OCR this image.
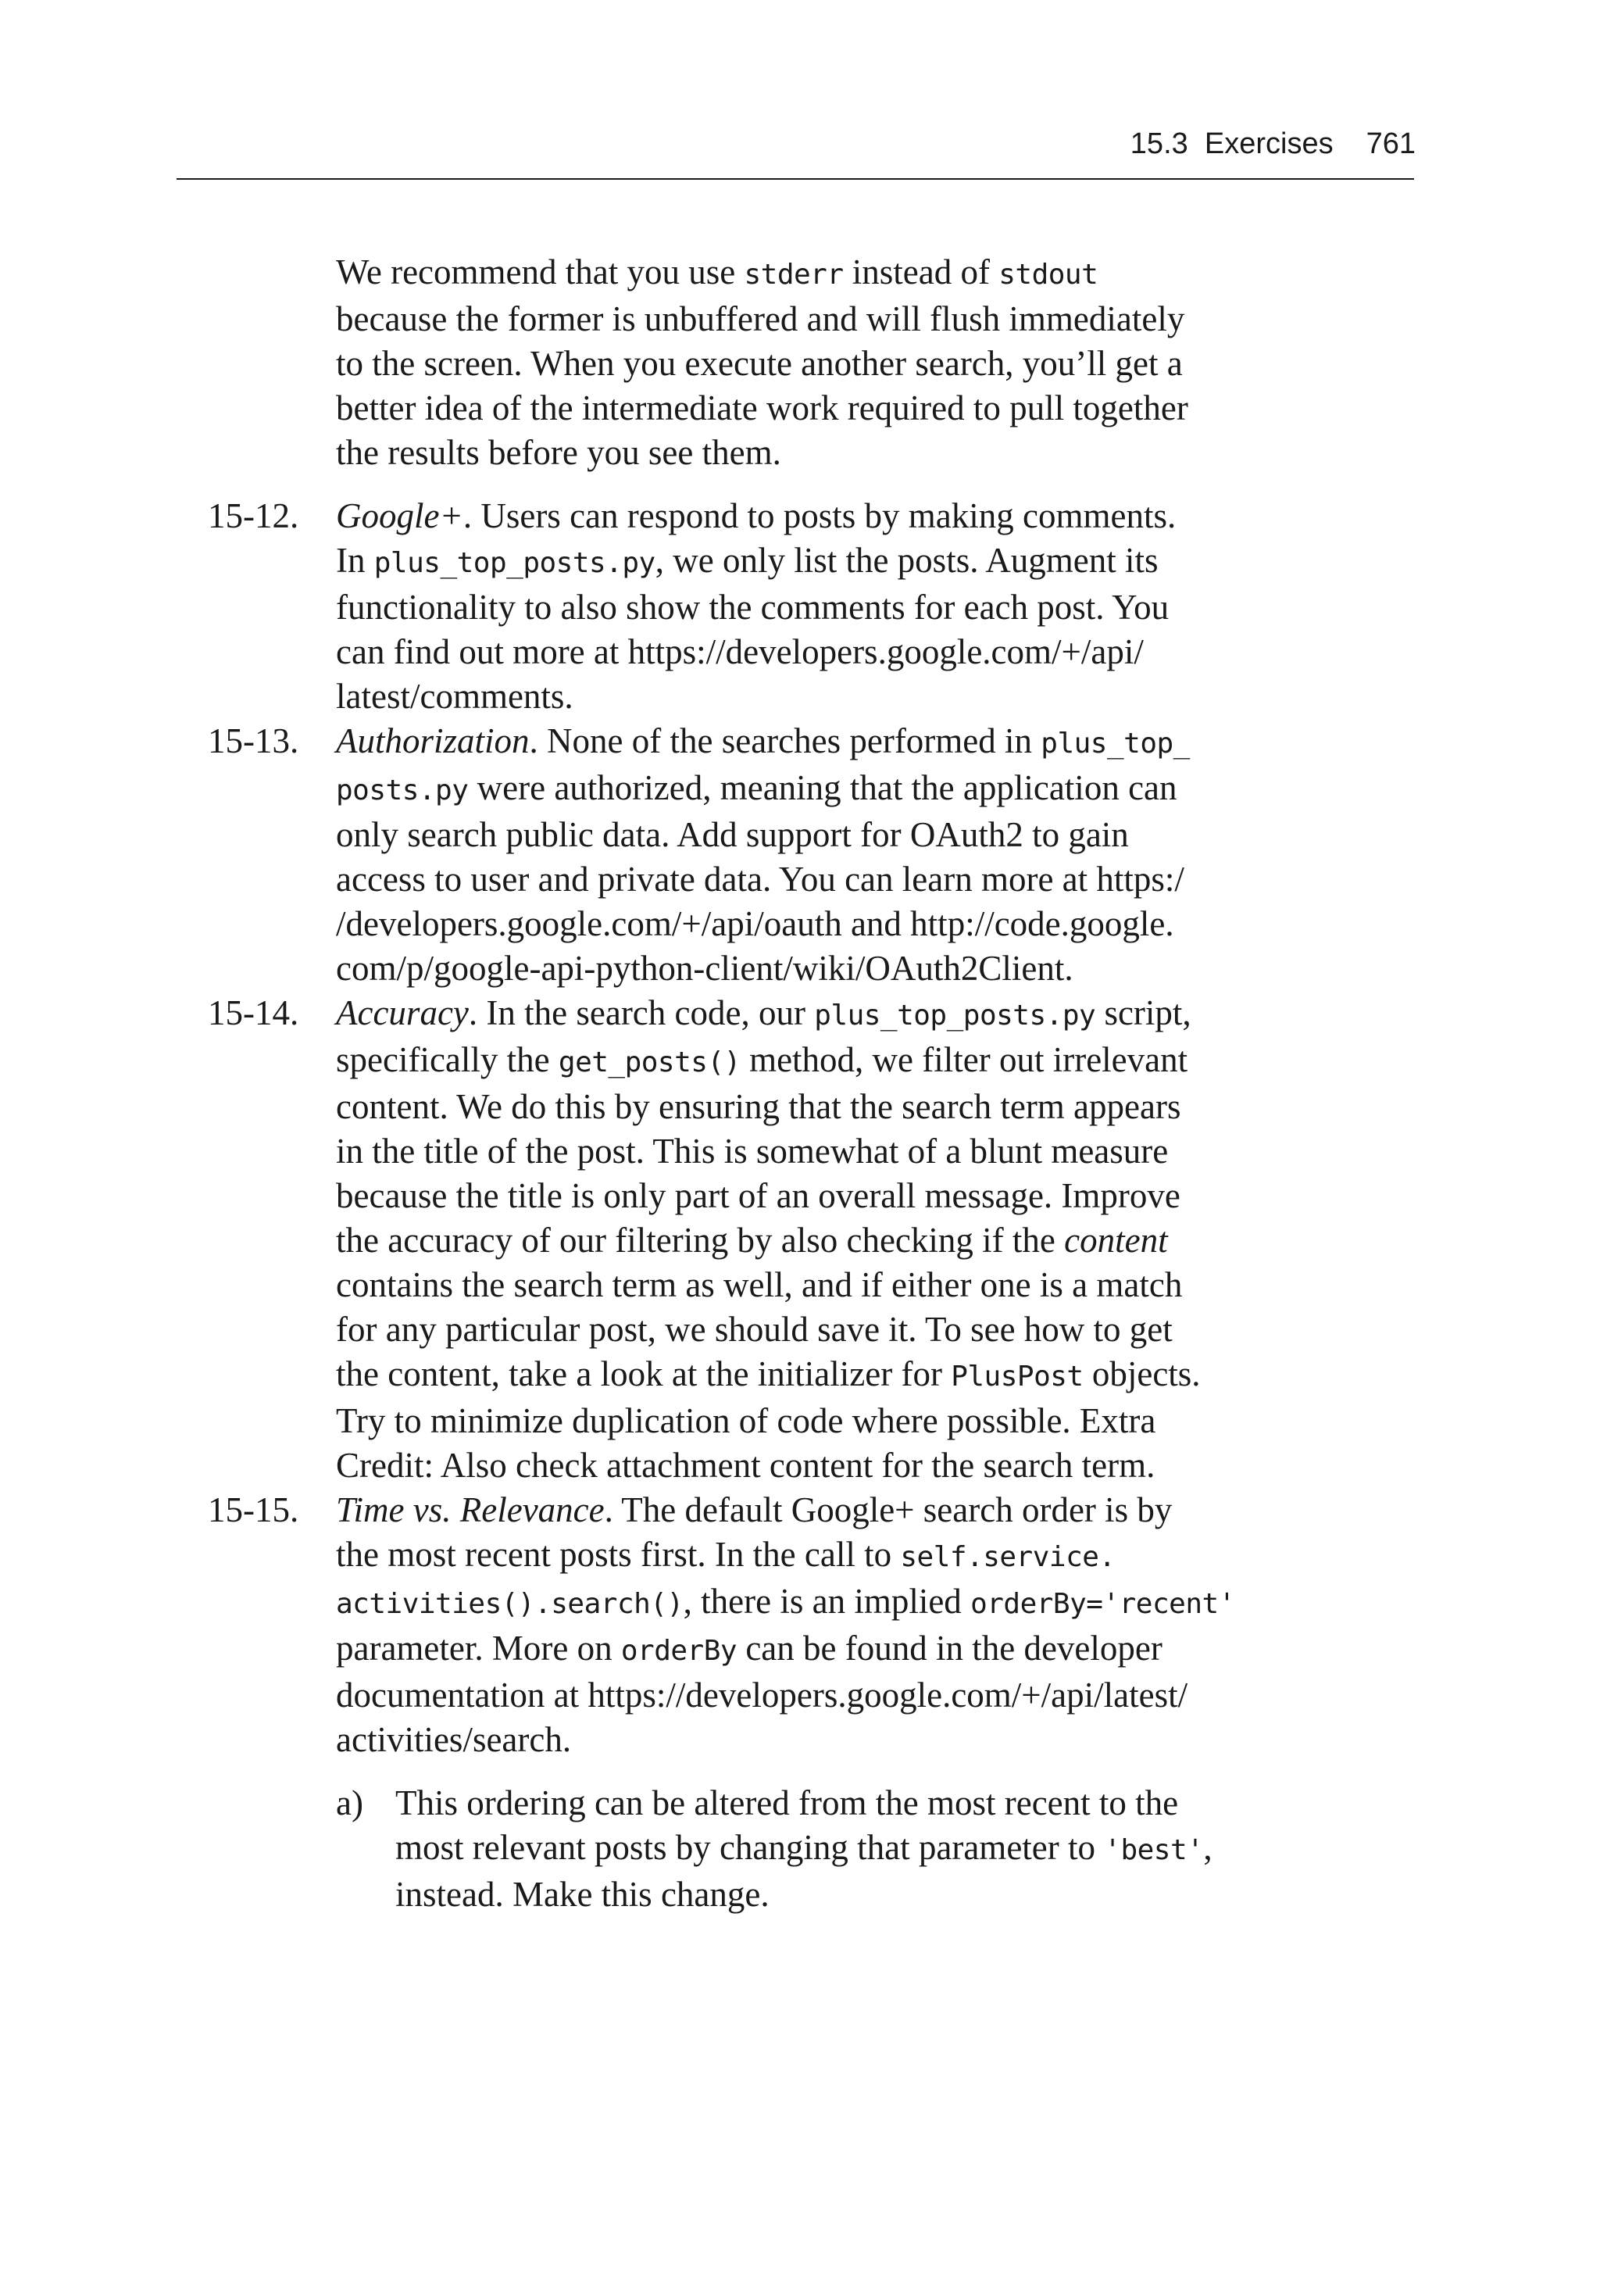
15.3  Exercises 761

We recommend that you use stderr instead of stdout
because the former is unbuffered and will flush immediately
to the screen. When you execute another search, you’ll get a
better idea of the intermediate work required to pull together
the results before you see them.

15-12.	Google+. Users can respond to posts by making comments.
In plus_top_posts.py, we only list the posts. Augment its
functionality to also show the comments for each post. You
can find out more at https://developers.google.com/+/api/
latest/comments.
15-13.	Authorization. None of the searches performed in plus_top_
posts.py were authorized, meaning that the application can
only search public data. Add support for OAuth2 to gain
access to user and private data. You can learn more at https:/
/developers.google.com/+/api/oauth and http://code.google.
com/p/google-api-python-client/wiki/OAuth2Client.
15-14.	Accuracy. In the search code, our plus_top_posts.py script,
specifically the get_posts() method, we filter out irrelevant
content. We do this by ensuring that the search term appears
in the title of the post. This is somewhat of a blunt measure
because the title is only part of an overall message. Improve
the accuracy of our filtering by also checking if the content
contains the search term as well, and if either one is a match
for any particular post, we should save it. To see how to get
the content, take a look at the initializer for PlusPost objects.
Try to minimize duplication of code where possible. Extra
Credit: Also check attachment content for the search term.
15-15.	Time vs. Relevance. The default Google+ search order is by
the most recent posts first. In the call to self.service.
activities().search(), there is an implied orderBy='recent'
parameter. More on orderBy can be found in the developer
documentation at https://developers.google.com/+/api/latest/
activities/search.
a) This ordering can be altered from the most recent to the
most relevant posts by changing that parameter to 'best',
instead. Make this change.
